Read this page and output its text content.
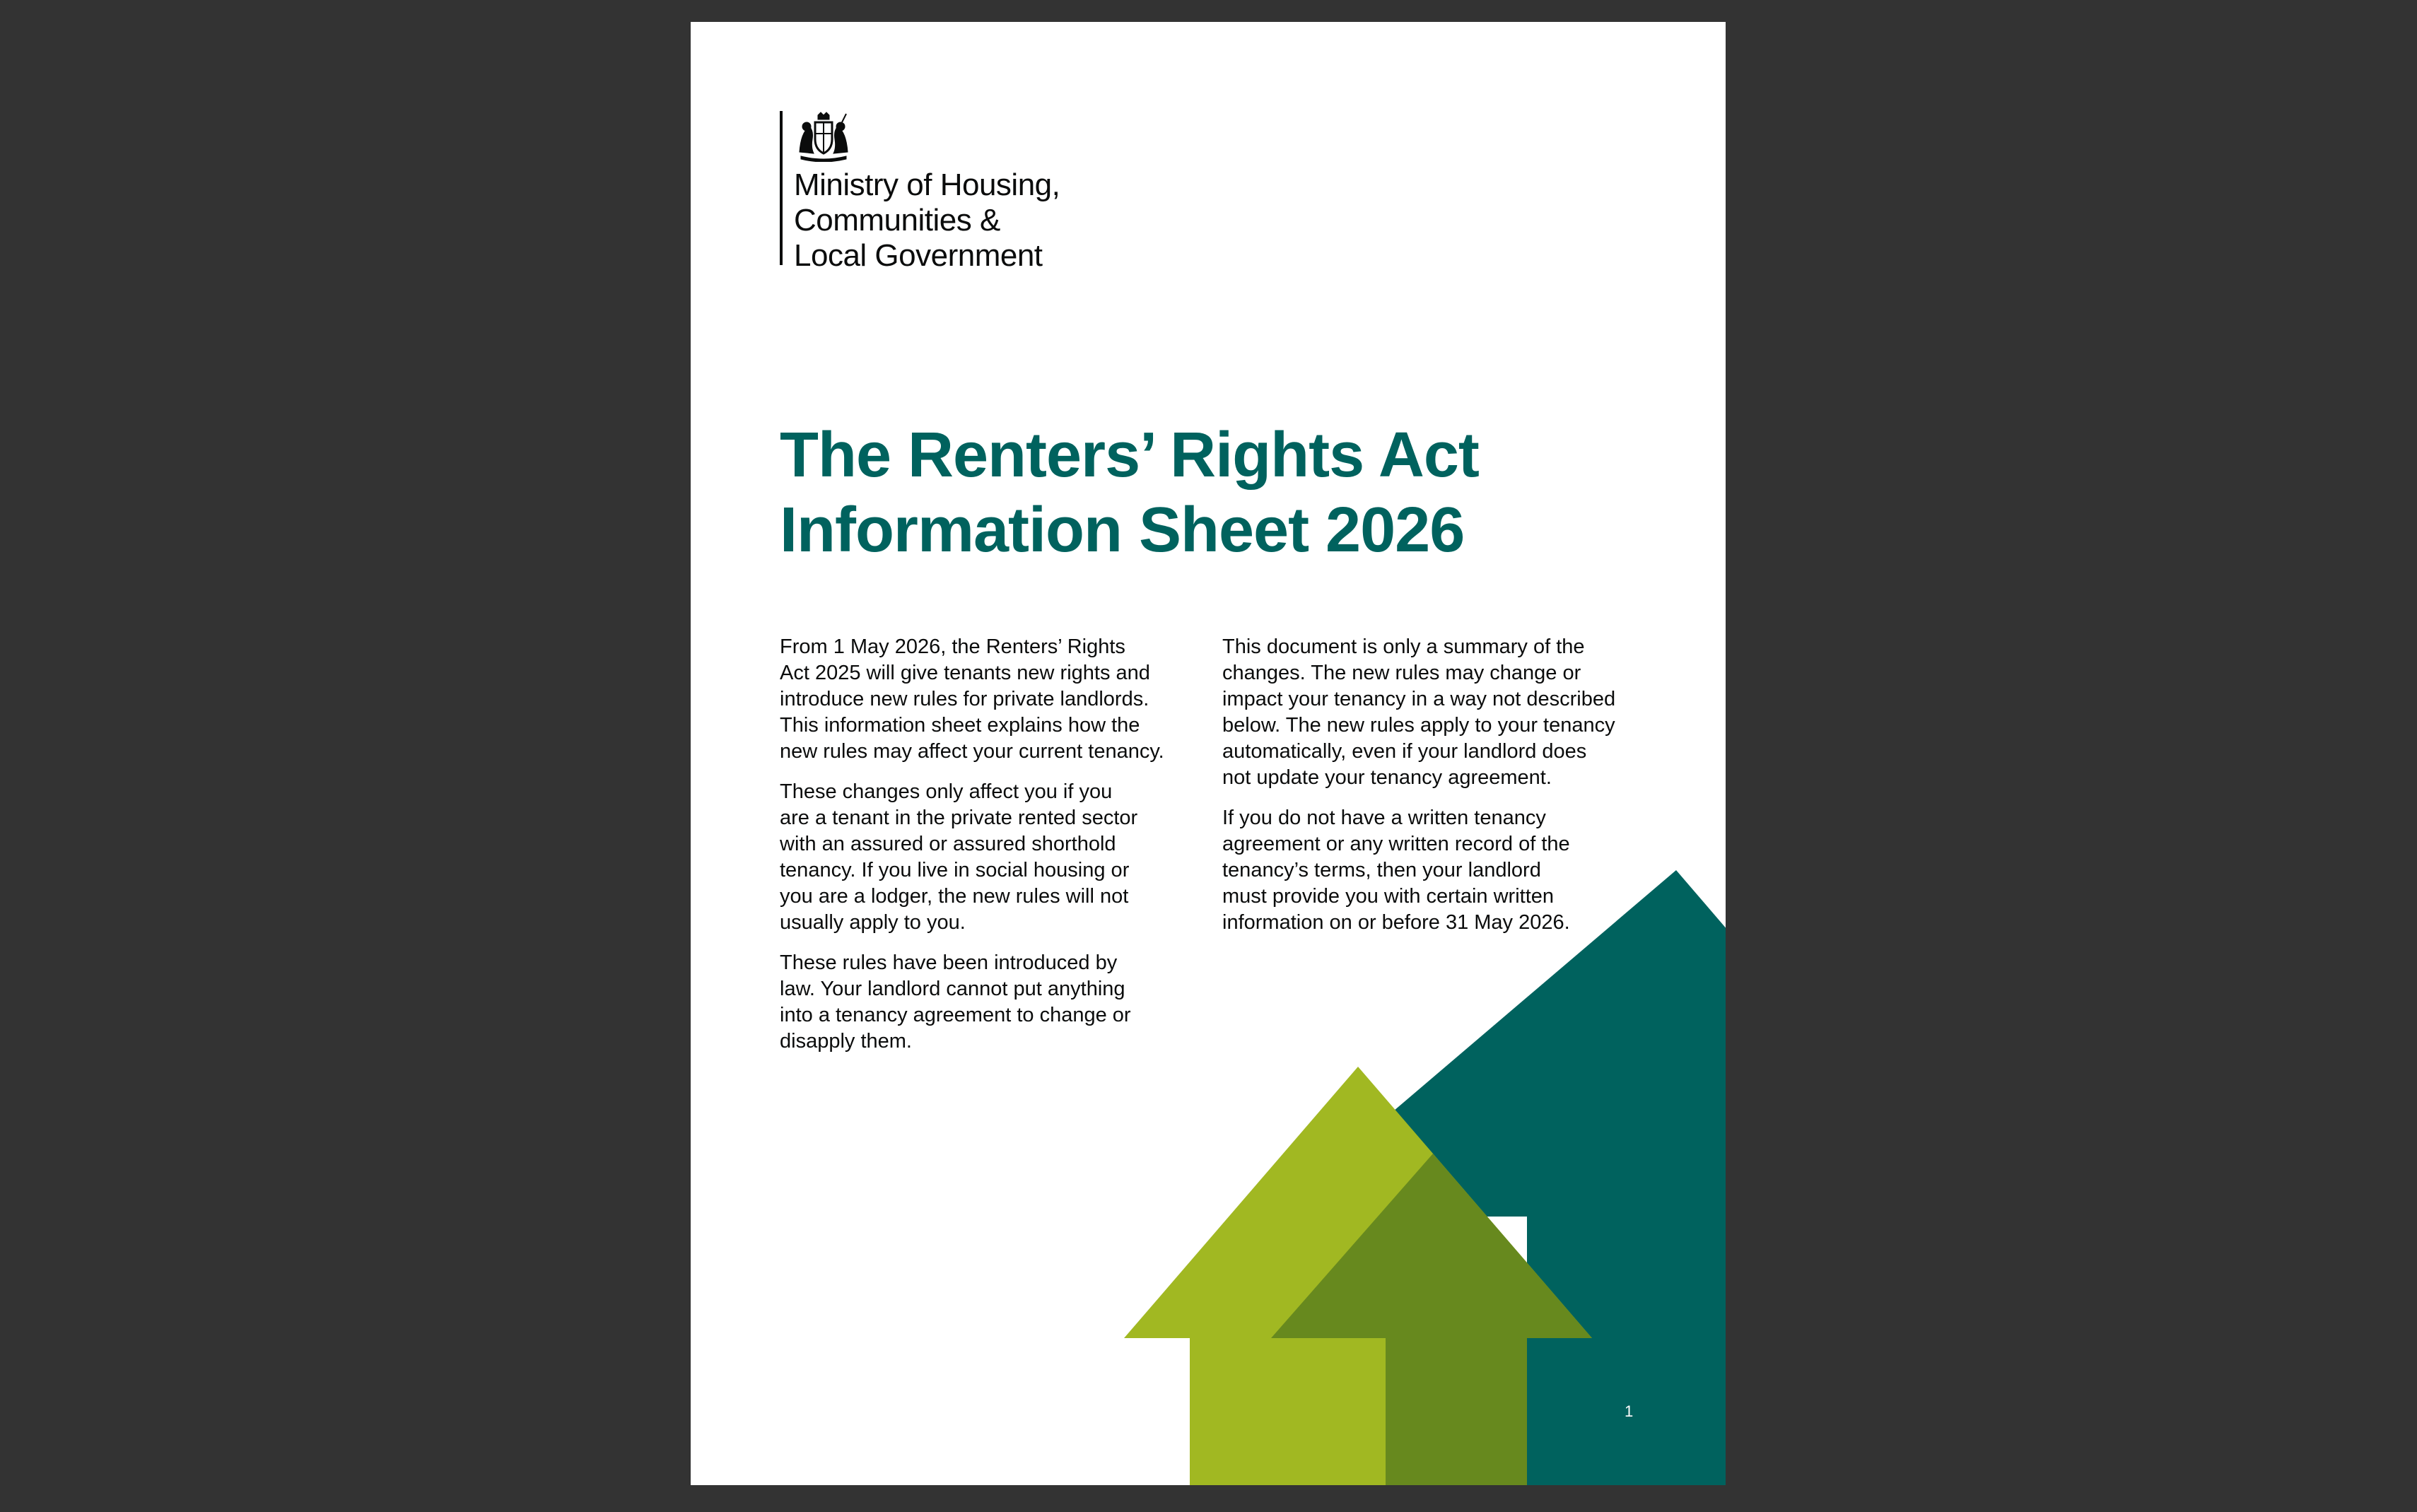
Ministry of Housing,
Communities &
Local Government
The Renters’ Rights Act
Information Sheet 2026

From 1 May 2026, the Renters’ Rights
Act 2025 will give tenants new rights and
introduce new rules for private landlords.
This information sheet explains how the
new rules may affect your current tenancy.

These changes only affect you if you
are a tenant in the private rented sector
with an assured or assured shorthold
tenancy. If you live in social housing or
you are a lodger, the new rules will not
usually apply to you.

These rules have been introduced by
law. Your landlord cannot put anything
into a tenancy agreement to change or
disapply them.

This document is only a summary of the
changes. The new rules may change or
impact your tenancy in a way not described
below. The new rules apply to your tenancy
automatically, even if your landlord does
not update your tenancy agreement.

If you do not have a written tenancy
agreement or any written record of the
tenancy’s terms, then your landlord
must provide you with certain written
information on or before 31 May 2026.

1
